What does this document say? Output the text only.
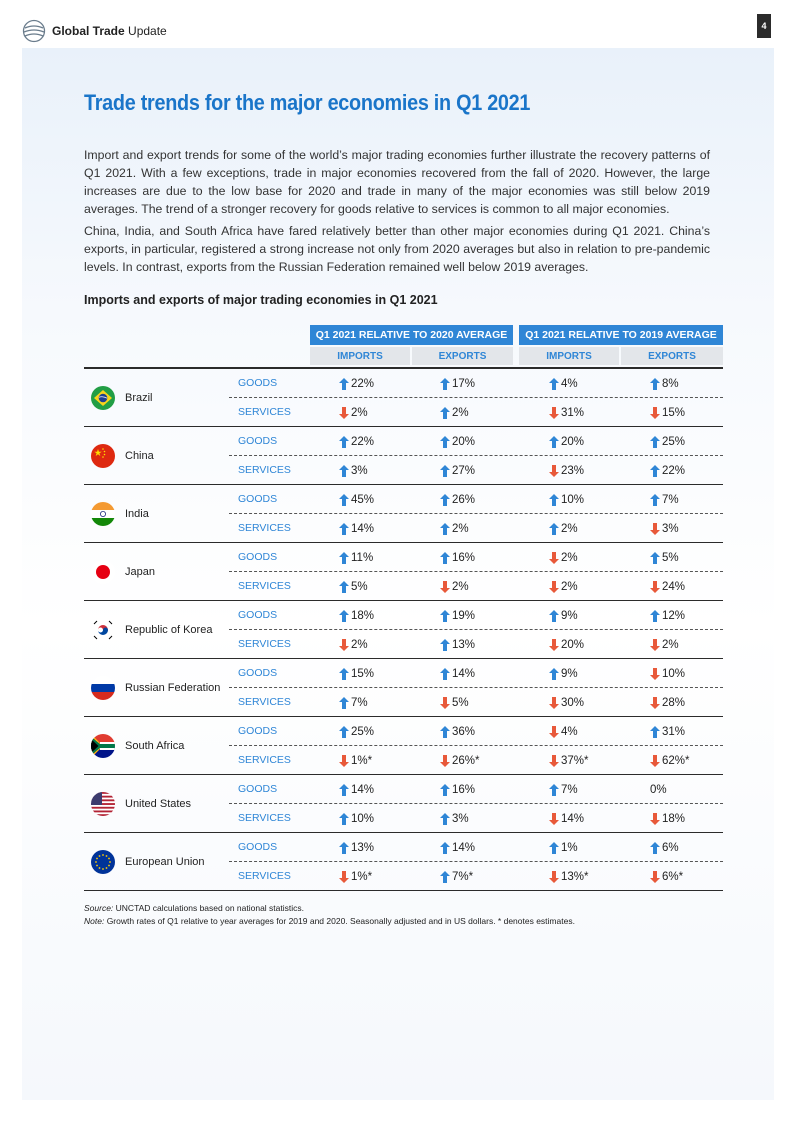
Global Trade Update	4
Trade trends for the major economies in Q1 2021
Import and export trends for some of the world’s major trading economies further illustrate the recovery patterns of Q1 2021. With a few exceptions, trade in major economies recovered from the fall of 2020. However, the large increases are due to the low base for 2020 and trade in many of the major economies was still below 2019 averages. The trend of a stronger recovery for goods relative to services is common to all major economies.
China, India, and South Africa have fared relatively better than other major economies during Q1 2021. China’s exports, in particular, registered a strong increase not only from 2020 averages but also in relation to pre-pandemic levels. In contrast, exports from the Russian Federation remained well below 2019 averages.
Imports and exports of major trading economies in Q1 2021
Q1 2021 RELATIVE TO 2020 AVERAGE	Q1 2021 RELATIVE TO 2019 AVERAGE
IMPORTS	EXPORTS	IMPORTS	EXPORTS
Brazil
GOODS	22%	17%	4%	8%
SERVICES	2%	2%	31%	15%
China
GOODS	22%	20%	20%	25%
SERVICES	3%	27%	23%	22%
India
GOODS	45%	26%	10%	7%
SERVICES	14%	2%	2%	3%
Japan
GOODS	11%	16%	2%	5%
SERVICES	5%	2%	2%	24%
Republic of Korea
GOODS	18%	19%	9%	12%
SERVICES	2%	13%	20%	2%
Russian Federation
GOODS	15%	14%	9%	10%
SERVICES	7%	5%	30%	28%
South Africa
GOODS	25%	36%	4%	31%
SERVICES	1%*	26%*	37%*	62%*
United States
GOODS	14%	16%	7%	0%
SERVICES	10%	3%	14%	18%
European Union
GOODS	13%	14%	1%	6%
SERVICES	1%*	7%*	13%*	6%*
Source: UNCTAD calculations based on national statistics.
Note: Growth rates of Q1 relative to year averages for 2019 and 2020. Seasonally adjusted and in US dollars. * denotes estimates.
